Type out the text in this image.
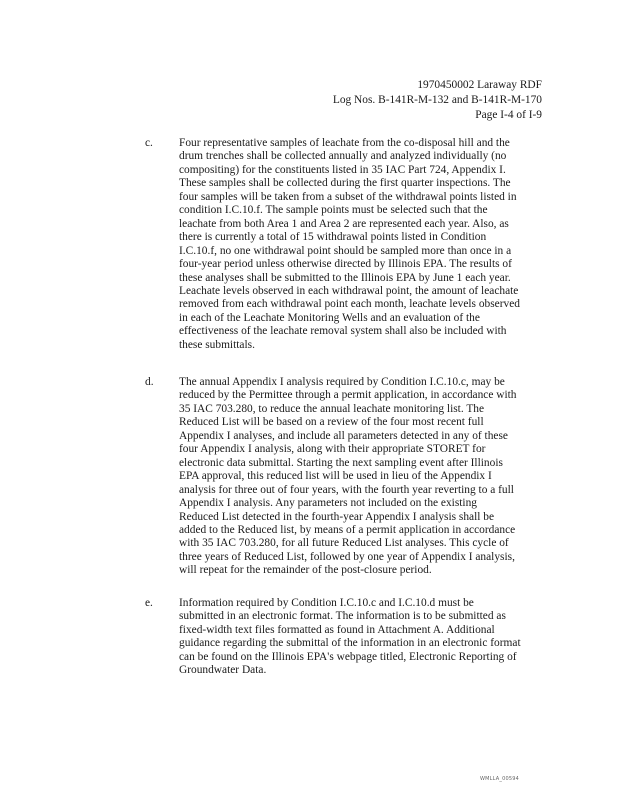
1970450002 Laraway RDF
Log Nos. B-141R-M-132 and B-141R-M-170
Page I-4 of I-9
c. Four representative samples of leachate from the co-disposal hill and the
drum trenches shall be collected annually and analyzed individually (no
compositing) for the constituents listed in 35 IAC Part 724, Appendix I.
These samples shall be collected during the first quarter inspections. The
four samples will be taken from a subset of the withdrawal points listed in
condition I.C.10.f. The sample points must be selected such that the
leachate from both Area 1 and Area 2 are represented each year. Also, as
there is currently a total of 15 withdrawal points listed in Condition
I.C.10.f, no one withdrawal point should be sampled more than once in a
four-year period unless otherwise directed by Illinois EPA. The results of
these analyses shall be submitted to the Illinois EPA by June 1 each year.
Leachate levels observed in each withdrawal point, the amount of leachate
removed from each withdrawal point each month, leachate levels observed
in each of the Leachate Monitoring Wells and an evaluation of the
effectiveness of the leachate removal system shall also be included with
these submittals.
d. The annual Appendix I analysis required by Condition I.C.10.c, may be
reduced by the Permittee through a permit application, in accordance with
35 IAC 703.280, to reduce the annual leachate monitoring list. The
Reduced List will be based on a review of the four most recent full
Appendix I analyses, and include all parameters detected in any of these
four Appendix I analysis, along with their appropriate STORET for
electronic data submittal. Starting the next sampling event after Illinois
EPA approval, this reduced list will be used in lieu of the Appendix I
analysis for three out of four years, with the fourth year reverting to a full
Appendix I analysis. Any parameters not included on the existing
Reduced List detected in the fourth-year Appendix I analysis shall be
added to the Reduced list, by means of a permit application in accordance
with 35 IAC 703.280, for all future Reduced List analyses. This cycle of
three years of Reduced List, followed by one year of Appendix I analysis,
will repeat for the remainder of the post-closure period.
e. Information required by Condition I.C.10.c and I.C.10.d must be
submitted in an electronic format. The information is to be submitted as
fixed-width text files formatted as found in Attachment A. Additional
guidance regarding the submittal of the information in an electronic format
can be found on the Illinois EPA's webpage titled, Electronic Reporting of
Groundwater Data.
WMLLA_00594
